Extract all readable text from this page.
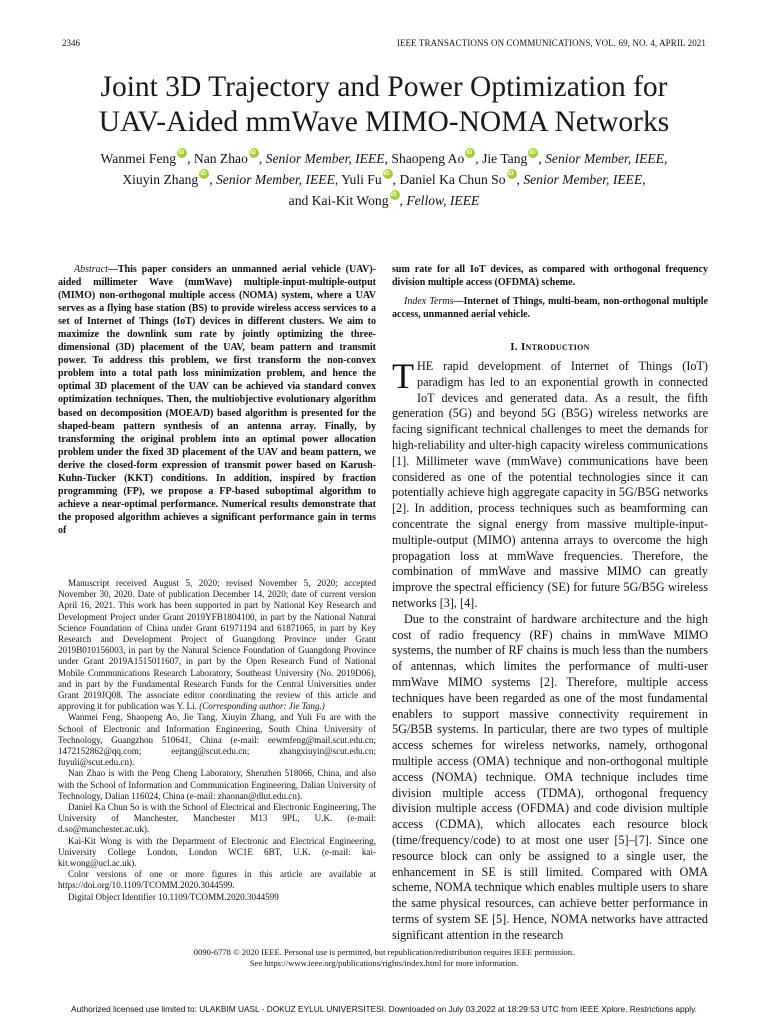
2346	IEEE TRANSACTIONS ON COMMUNICATIONS, VOL. 69, NO. 4, APRIL 2021
Joint 3D Trajectory and Power Optimization for
UAV-Aided mmWave MIMO-NOMA Networks
Wanmei Feng iD , Nan Zhao iD , Senior Member, IEEE, Shaopeng Ao iD , Jie Tang iD , Senior Member, IEEE,
Xiuyin Zhang iD , Senior Member, IEEE, Yuli Fu iD , Daniel Ka Chun So iD , Senior Member, IEEE,
and Kai-Kit Wong iD , Fellow, IEEE

Abstract—This paper considers an unmanned aerial vehicle (UAV)-aided millimeter Wave (mmWave) multiple-input-multiple-output (MIMO) non-orthogonal multiple access (NOMA) system, where a UAV serves as a flying base station (BS) to provide wireless access services to a set of Internet of Things (IoT) devices in different clusters. We aim to maximize the downlink sum rate by jointly optimizing the three-dimensional (3D) placement of the UAV, beam pattern and transmit power. To address this problem, we first transform the non-convex problem into a total path loss minimization problem, and hence the optimal 3D placement of the UAV can be achieved via standard convex optimization techniques. Then, the multiobjective evolutionary algorithm based on decomposition (MOEA/D) based algorithm is presented for the shaped-beam pattern synthesis of an antenna array. Finally, by transforming the original problem into an optimal power allocation problem under the fixed 3D placement of the UAV and beam pattern, we derive the closed-form expression of transmit power based on Karush-Kuhn-Tucker (KKT) conditions. In addition, inspired by fraction programming (FP), we propose a FP-based suboptimal algorithm to achieve a near-optimal performance. Numerical results demonstrate that the proposed algorithm achieves a significant performance gain in terms of

Manuscript received August 5, 2020; revised November 5, 2020; accepted November 30, 2020. Date of publication December 14, 2020; date of current version April 16, 2021. This work has been supported in part by National Key Research and Development Project under Grant 2019YFB1804100, in part by the National Natural Science Foundation of China under Grant 61971194 and 61871065, in part by Key Research and Development Project of Guangdong Province under Grant 2019B010156003, in part by the Natural Science Foundation of Guangdong Province under Grant 2019A1515011607, in part by the Open Research Fund of National Mobile Communications Research Laboratory, Southeast University (No. 2019D06), and in part by the Fundamental Research Funds for the Central Universities under Grant 2019JQ08. The associate editor coordinating the review of this article and approving it for publication was Y. Li. (Corresponding author: Jie Tang.)

Wanmei Feng, Shaopeng Ao, Jie Tang, Xiuyin Zhang, and Yuli Fu are with the School of Electronic and Information Engineering, South China University of Technology, Guangzhou 510641, China (e-mail: eewmfeng@mail.scut.edu.cn; 1472152862@qq.com; eejtang@scut.edu.cn; zhangxiuyin@scut.edu.cn; fuyuli@scut.edu.cn).

Nan Zhao is with the Peng Cheng Laboratory, Shenzhen 518066, China, and also with the School of Information and Communication Engineering, Dalian University of Technology, Dalian 116024, China (e-mail: zhaonan@dlut.edu.cn).

Daniel Ka Chun So is with the School of Electrical and Electronic Engineering, The University of Manchester, Manchester M13 9PL, U.K. (e-mail: d.so@manchester.ac.uk).

Kai-Kit Wong is with the Department of Electronic and Electrical Engineering, University College London, London WC1E 6BT, U.K. (e-mail: kai-kit.wong@ucl.ac.uk).

Color versions of one or more figures in this article are available at https://doi.org/10.1109/TCOMM.2020.3044599.

Digital Object Identifier 10.1109/TCOMM.2020.3044599

sum rate for all IoT devices, as compared with orthogonal frequency division multiple access (OFDMA) scheme.

Index Terms—Internet of Things, multi-beam, non-orthogonal multiple access, unmanned aerial vehicle.

I. Introduction

THE rapid development of Internet of Things (IoT) paradigm has led to an exponential growth in connected IoT devices and generated data. As a result, the fifth generation (5G) and beyond 5G (B5G) wireless networks are facing significant technical challenges to meet the demands for high-reliability and ulter-high capacity wireless communications [1]. Millimeter wave (mmWave) communications have been considered as one of the potential technologies since it can potentially achieve high aggregate capacity in 5G/B5G networks [2]. In addition, process techniques such as beamforming can concentrate the signal energy from massive multiple-input-multiple-output (MIMO) antenna arrays to overcome the high propagation loss at mmWave frequencies. Therefore, the combination of mmWave and massive MIMO can greatly improve the spectral efficiency (SE) for future 5G/B5G wireless networks [3], [4].

Due to the constraint of hardware architecture and the high cost of radio frequency (RF) chains in mmWave MIMO systems, the number of RF chains is much less than the numbers of antennas, which limites the performance of multi-user mmWave MIMO systems [2]. Therefore, multiple access techniques have been regarded as one of the most fundamental enablers to support massive connectivity requirement in 5G/B5B systems. In particular, there are two types of multiple access schemes for wireless networks, namely, orthogonal multiple access (OMA) technique and non-orthogonal multiple access (NOMA) technique. OMA technique includes time division multiple access (TDMA), orthogonal frequency division multiple access (OFDMA) and code division multiple access (CDMA), which allocates each resource block (time/frequency/code) to at most one user [5]–[7]. Since one resource block can only be assigned to a single user, the enhancement in SE is still limited. Compared with OMA scheme, NOMA technique which enables multiple users to share the same physical resources, can achieve better performance in terms of system SE [5]. Hence, NOMA networks have attracted significant attention in the research

0090-6778 © 2020 IEEE. Personal use is permitted, but republication/redistribution requires IEEE permission.
See https://www.ieee.org/publications/rights/index.html for more information.
Authorized licensed use limited to: ULAKBIM UASL - DOKUZ EYLUL UNIVERSITESI. Downloaded on July 03,2022 at 18:29:53 UTC from IEEE Xplore. Restrictions apply.
